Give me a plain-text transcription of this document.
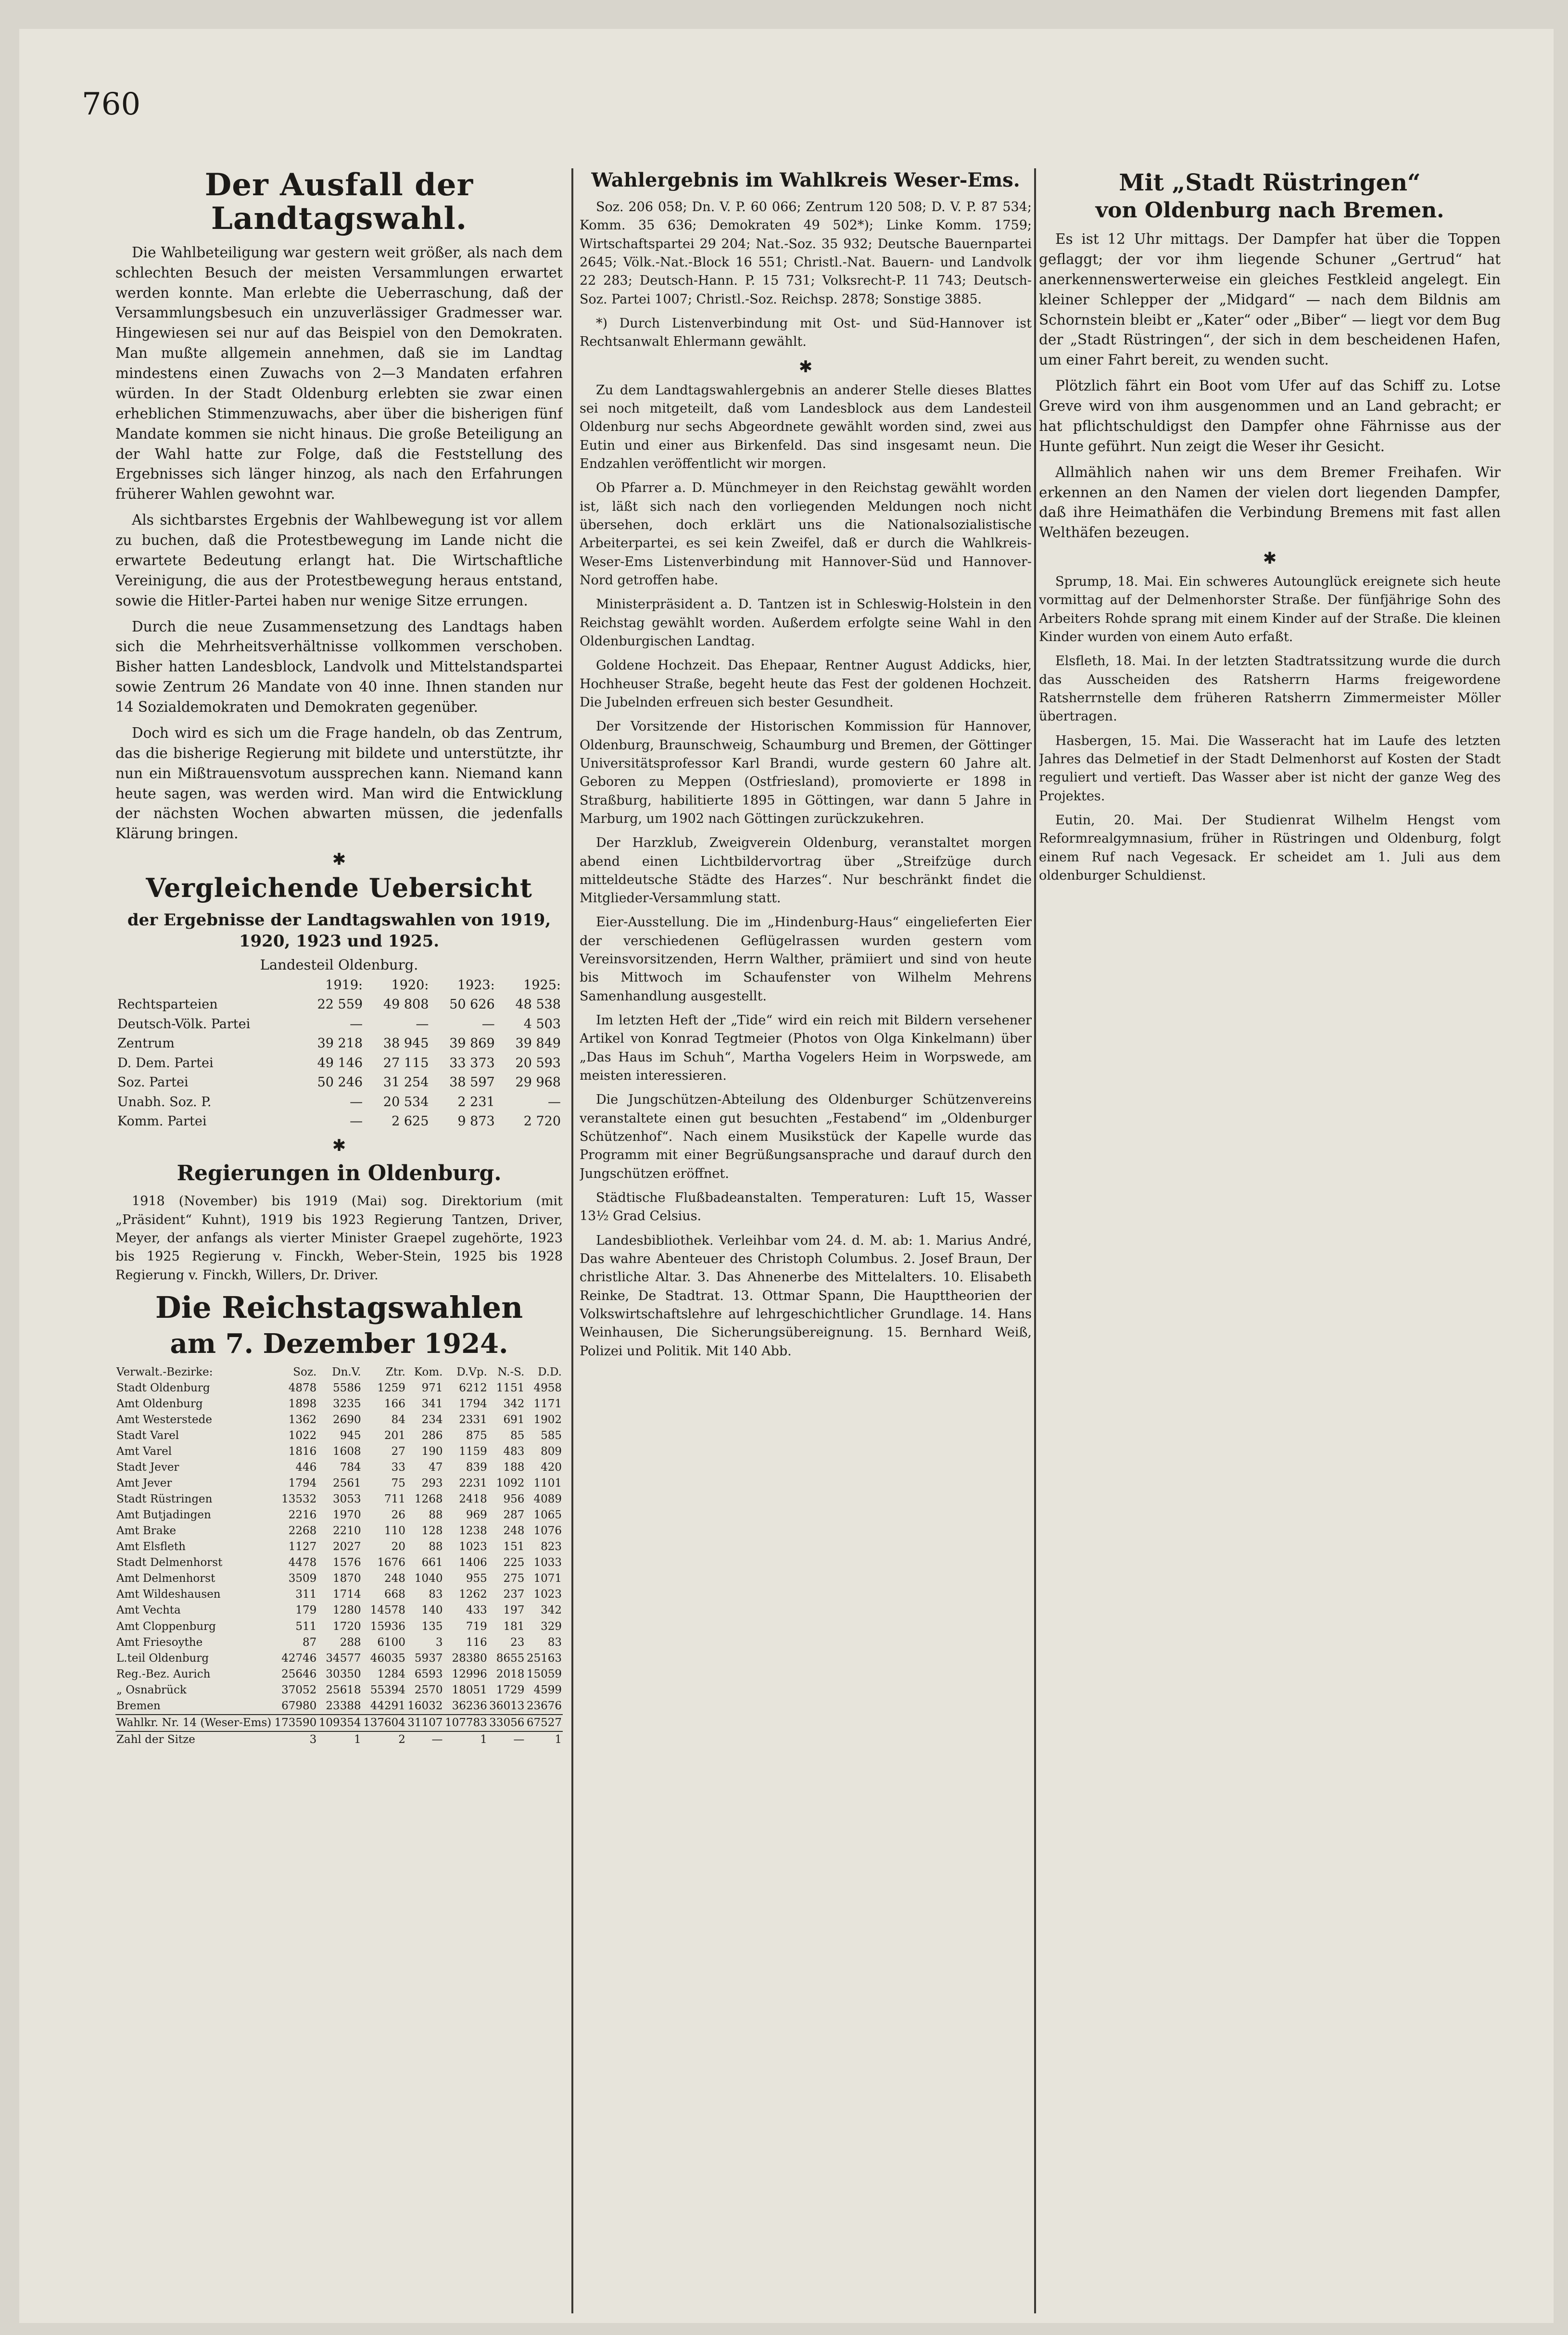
760
Der Ausfall der Landtagswahl.

Die Wahlbeteiligung war gestern weit größer, als nach dem schlechten Besuch der meisten Versammlungen erwartet werden konnte. Man erlebte die Ueberraschung, daß der Versammlungsbesuch ein unzuverlässiger Gradmesser war. Hingewiesen sei nur auf das Beispiel von den Demokraten. Man mußte allgemein annehmen, daß sie im Landtag mindestens einen Zuwachs von 2—3 Mandaten erfahren würden. In der Stadt Oldenburg erlebten sie zwar einen erheblichen Stimmenzuwachs, aber über die bisherigen fünf Mandate kommen sie nicht hinaus. Die große Beteiligung an der Wahl hatte zur Folge, daß die Feststellung des Ergebnisses sich länger hinzog, als nach den Erfahrungen früherer Wahlen gewohnt war.

Als sichtbarstes Ergebnis der Wahlbewegung ist vor allem zu buchen, daß die Protestbewegung im Lande nicht die erwartete Bedeutung erlangt hat. Die Wirtschaftliche Vereinigung, die aus der Protestbewegung heraus entstand, sowie die Hitler-Partei haben nur wenige Sitze errungen.

Durch die neue Zusammensetzung des Landtags haben sich die Mehrheitsverhältnisse vollkommen verschoben. Bisher hatten Landesblock, Landvolk und Mittelstandspartei sowie Zentrum 26 Mandate von 40 inne. Ihnen standen nur 14 Sozialdemokraten und Demokraten gegenüber.

Doch wird es sich um die Frage handeln, ob das Zentrum, das die bisherige Regierung mit bildete und unterstützte, ihr nun ein Mißtrauensvotum aussprechen kann. Niemand kann heute sagen, was werden wird. Man wird die Entwicklung der nächsten Wochen abwarten müssen, die jedenfalls Klärung bringen.

✱
Vergleichende Uebersicht
der Ergebnisse der Landtagswahlen von 1919, 1920, 1923 und 1925.
Landesteil Oldenburg.
	1919:	1920:	1923:	1925:
Rechtsparteien	22 559	49 808	50 626	48 538
Deutsch-Völk. Partei	—	—	—	4 503
Zentrum	39 218	38 945	39 869	39 849
D. Dem. Partei	49 146	27 115	33 373	20 593
Soz. Partei	50 246	31 254	38 597	29 968
Unabh. Soz. P.	—	20 534	2 231	—
Komm. Partei	—	2 625	9 873	2 720
✱
Regierungen in Oldenburg.

1918 (November) bis 1919 (Mai) sog. Direktorium (mit „Präsident“ Kuhnt), 1919 bis 1923 Regierung Tantzen, Driver, Meyer, der anfangs als vierter Minister Graepel zugehörte, 1923 bis 1925 Regierung v. Finckh, Weber-Stein, 1925 bis 1928 Regierung v. Finckh, Willers, Dr. Driver.

Die Reichstagswahlen
am 7. Dezember 1924.
Verwalt.-Bezirke:	Soz.	Dn.V.	Ztr.	Kom.	D.Vp.	N.-S.	D.D.
Stadt Oldenburg	4878	5586	1259	971	6212	1151	4958
Amt Oldenburg	1898	3235	166	341	1794	342	1171
Amt Westerstede	1362	2690	84	234	2331	691	1902
Stadt Varel	1022	945	201	286	875	85	585
Amt Varel	1816	1608	27	190	1159	483	809
Stadt Jever	446	784	33	47	839	188	420
Amt Jever	1794	2561	75	293	2231	1092	1101
Stadt Rüstringen	13532	3053	711	1268	2418	956	4089
Amt Butjadingen	2216	1970	26	88	969	287	1065
Amt Brake	2268	2210	110	128	1238	248	1076
Amt Elsfleth	1127	2027	20	88	1023	151	823
Stadt Delmenhorst	4478	1576	1676	661	1406	225	1033
Amt Delmenhorst	3509	1870	248	1040	955	275	1071
Amt Wildeshausen	311	1714	668	83	1262	237	1023
Amt Vechta	179	1280	14578	140	433	197	342
Amt Cloppenburg	511	1720	15936	135	719	181	329
Amt Friesoythe	87	288	6100	3	116	23	83
L.teil Oldenburg	42746	34577	46035	5937	28380	8655	25163
Reg.-Bez. Aurich	25646	30350	1284	6593	12996	2018	15059
„ Osnabrück	37052	25618	55394	2570	18051	1729	4599
Bremen	67980	23388	44291	16032	36236	36013	23676
Wahlkr. Nr. 14 (Weser-Ems)	173590	109354	137604	31107	107783	33056	67527
Zahl der Sitze	3	1	2	—	1	—	1
Wahlergebnis im Wahlkreis Weser-Ems.

Soz. 206 058; Dn. V. P. 60 066; Zentrum 120 508; D. V. P. 87 534; Komm. 35 636; Demokraten 49 502*); Linke Komm. 1759; Wirtschaftspartei 29 204; Nat.-Soz. 35 932; Deutsche Bauernpartei 2645; Völk.-Nat.-Block 16 551; Christl.-Nat. Bauern- und Landvolk 22 283; Deutsch-Hann. P. 15 731; Volksrecht-P. 11 743; Deutsch-Soz. Partei 1007; Christl.-Soz. Reichsp. 2878; Sonstige 3885.

*) Durch Listenverbindung mit Ost- und Süd-Hannover ist Rechtsanwalt Ehlermann gewählt.

✱

Zu dem Landtagswahlergebnis an anderer Stelle dieses Blattes sei noch mitgeteilt, daß vom Landesblock aus dem Landesteil Oldenburg nur sechs Abgeordnete gewählt worden sind, zwei aus Eutin und einer aus Birkenfeld. Das sind insgesamt neun. Die Endzahlen veröffentlicht wir morgen.

Ob Pfarrer a. D. Münchmeyer in den Reichstag gewählt worden ist, läßt sich nach den vorliegenden Meldungen noch nicht übersehen, doch erklärt uns die Nationalsozialistische Arbeiterpartei, es sei kein Zweifel, daß er durch die Wahlkreis-Weser-Ems Listenverbindung mit Hannover-Süd und Hannover-Nord getroffen habe.

Ministerpräsident a. D. Tantzen ist in Schleswig-Holstein in den Reichstag gewählt worden. Außerdem erfolgte seine Wahl in den Oldenburgischen Landtag.

Goldene Hochzeit. Das Ehepaar, Rentner August Addicks, hier, Hochheuser Straße, begeht heute das Fest der goldenen Hochzeit. Die Jubelnden erfreuen sich bester Gesundheit.

Der Vorsitzende der Historischen Kommission für Hannover, Oldenburg, Braunschweig, Schaumburg und Bremen, der Göttinger Universitätsprofessor Karl Brandi, wurde gestern 60 Jahre alt. Geboren zu Meppen (Ostfriesland), promovierte er 1898 in Straßburg, habilitierte 1895 in Göttingen, war dann 5 Jahre in Marburg, um 1902 nach Göttingen zurückzukehren.

Der Harzklub, Zweigverein Oldenburg, veranstaltet morgen abend einen Lichtbildervortrag über „Streifzüge durch mitteldeutsche Städte des Harzes“. Nur beschränkt findet die Mitglieder-Versammlung statt.

Eier-Ausstellung. Die im „Hindenburg-Haus“ eingelieferten Eier der verschiedenen Geflügelrassen wurden gestern vom Vereinsvorsitzenden, Herrn Walther, prämiiert und sind von heute bis Mittwoch im Schaufenster von Wilhelm Mehrens Samenhandlung ausgestellt.

Im letzten Heft der „Tide“ wird ein reich mit Bildern versehener Artikel von Konrad Tegtmeier (Photos von Olga Kinkelmann) über „Das Haus im Schuh“, Martha Vogelers Heim in Worpswede, am meisten interessieren.

Die Jungschützen-Abteilung des Oldenburger Schützenvereins veranstaltete einen gut besuchten „Festabend“ im „Oldenburger Schützenhof“. Nach einem Musikstück der Kapelle wurde das Programm mit einer Begrüßungsansprache und darauf durch den Jungschützen eröffnet.

Städtische Flußbadeanstalten. Temperaturen: Luft 15, Wasser 13½ Grad Celsius.

Landesbibliothek. Verleihbar vom 24. d. M. ab: 1. Marius André, Das wahre Abenteuer des Christoph Columbus. 2. Josef Braun, Der christliche Altar. 3. Das Ahnenerbe des Mittelalters. 10. Elisabeth Reinke, De Stadtrat. 13. Ottmar Spann, Die Haupttheorien der Volkswirtschaftslehre auf lehrgeschichtlicher Grundlage. 14. Hans Weinhausen, Die Sicherungsübereignung. 15. Bernhard Weiß, Polizei und Politik. Mit 140 Abb.

Mit „Stadt Rüstringen“
von Oldenburg nach Bremen.

Es ist 12 Uhr mittags. Der Dampfer hat über die Toppen geflaggt; der vor ihm liegende Schuner „Gertrud“ hat anerkennenswerterweise ein gleiches Festkleid angelegt. Ein kleiner Schlepper der „Midgard“ — nach dem Bildnis am Schornstein bleibt er „Kater“ oder „Biber“ — liegt vor dem Bug der „Stadt Rüstringen“, der sich in dem bescheidenen Hafen, um einer Fahrt bereit, zu wenden sucht.

Plötzlich fährt ein Boot vom Ufer auf das Schiff zu. Lotse Greve wird von ihm ausgenommen und an Land gebracht; er hat pflichtschuldigst den Dampfer ohne Fährnisse aus der Hunte geführt. Nun zeigt die Weser ihr Gesicht.

Allmählich nahen wir uns dem Bremer Freihafen. Wir erkennen an den Namen der vielen dort liegenden Dampfer, daß ihre Heimathäfen die Verbindung Bremens mit fast allen Welthäfen bezeugen.

✱

Sprump, 18. Mai. Ein schweres Autounglück ereignete sich heute vormittag auf der Delmenhorster Straße. Der fünfjährige Sohn des Arbeiters Rohde sprang mit einem Kinder auf der Straße. Die kleinen Kinder wurden von einem Auto erfaßt.

Elsfleth, 18. Mai. In der letzten Stadtratssitzung wurde die durch das Ausscheiden des Ratsherrn Harms freigewordene Ratsherrnstelle dem früheren Ratsherrn Zimmermeister Möller übertragen.

Hasbergen, 15. Mai. Die Wasseracht hat im Laufe des letzten Jahres das Delmetief in der Stadt Delmenhorst auf Kosten der Stadt reguliert und vertieft. Das Wasser aber ist nicht der ganze Weg des Projektes.

Eutin, 20. Mai. Der Studienrat Wilhelm Hengst vom Reformrealgymnasium, früher in Rüstringen und Oldenburg, folgt einem Ruf nach Vegesack. Er scheidet am 1. Juli aus dem oldenburger Schuldienst.
